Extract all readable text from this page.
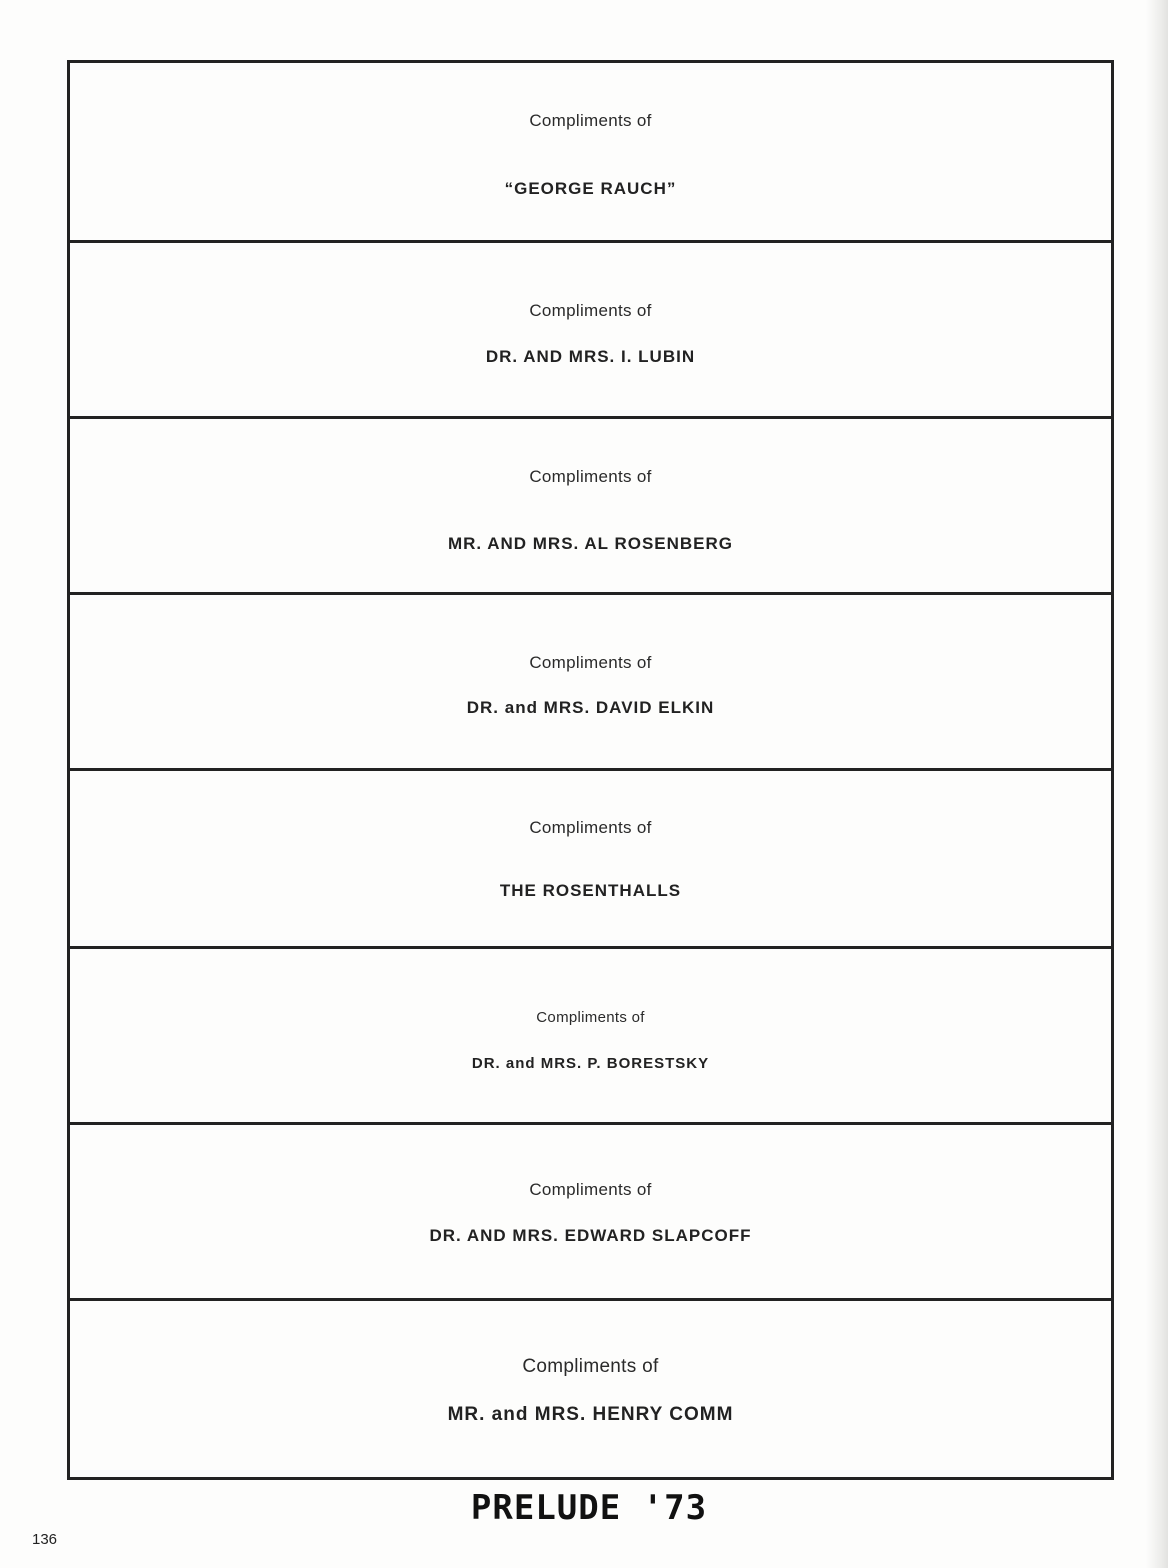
Compliments of
“GEORGE RAUCH”
Compliments of
DR. AND MRS. I. LUBIN
Compliments of
MR. AND MRS. AL ROSENBERG
Compliments of
DR. and MRS. DAVID ELKIN
Compliments of
THE ROSENTHALLS
Compliments of
DR. and MRS. P. BORESTSKY
Compliments of
DR. AND MRS. EDWARD SLAPCOFF
Compliments of
MR. and MRS. HENRY COMM
PRELUDE '73
136
